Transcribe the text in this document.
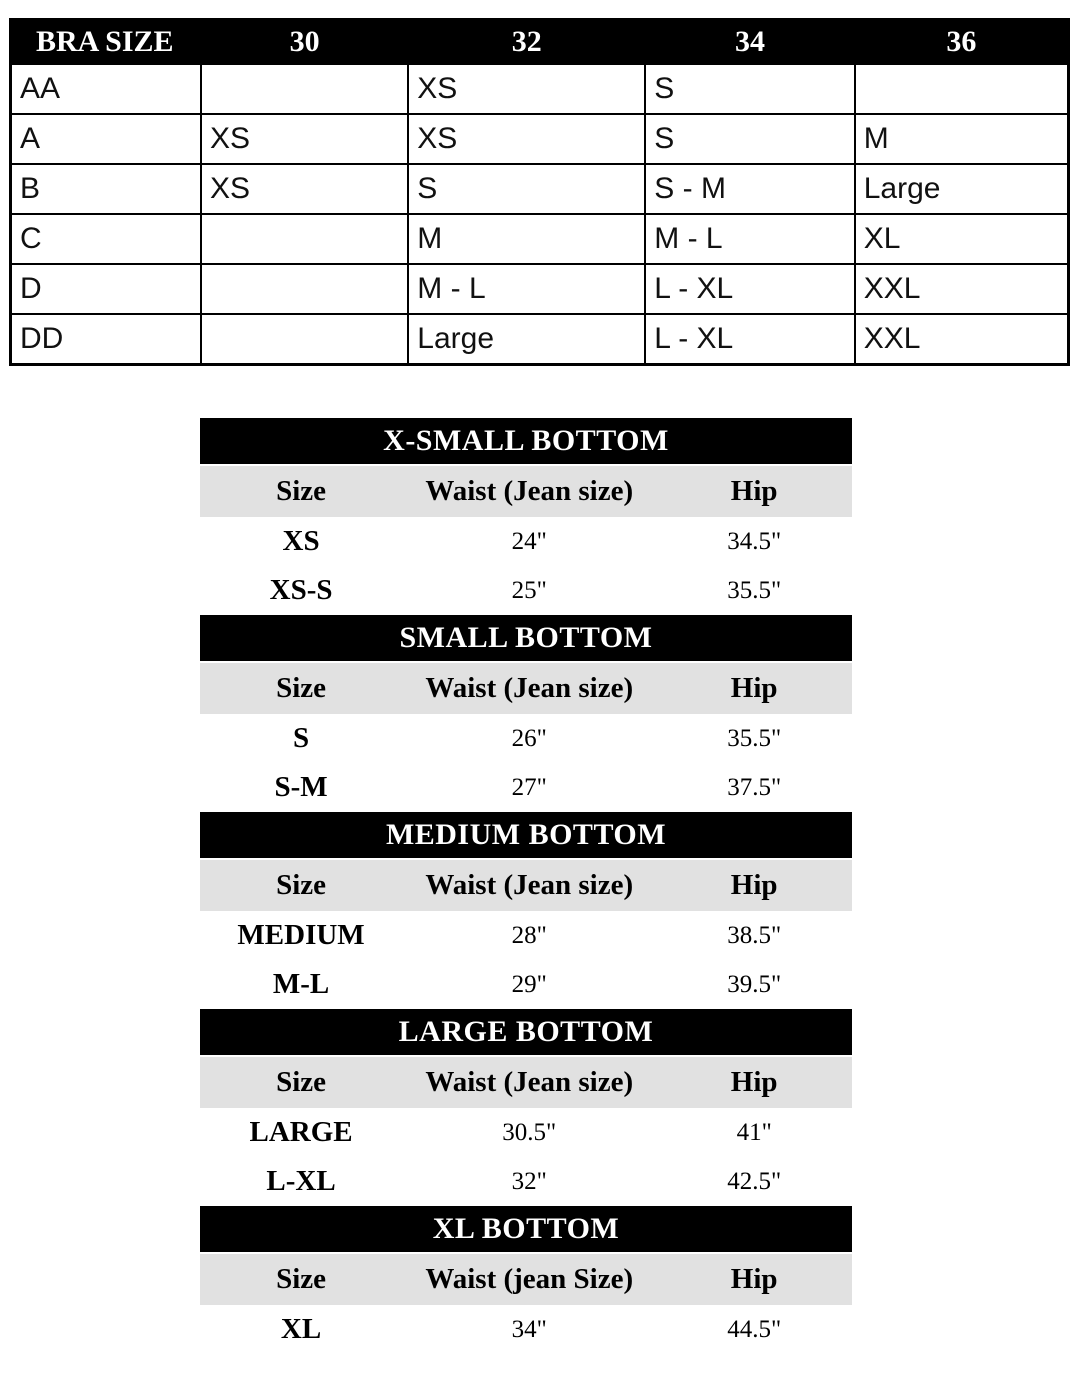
BRA SIZE	30	32	34	36
AA		XS	S	
A	XS	XS	S	M
B	XS	S	S - M	Large
C		M	M - L	XL
D		M - L	L - XL	XXL
DD		Large	L - XL	XXL
X-SMALL BOTTOM
Size	Waist (Jean size)	Hip
XS	24"	34.5"
XS-S	25"	35.5"
SMALL BOTTOM
Size	Waist (Jean size)	Hip
S	26"	35.5"
S-M	27"	37.5"
MEDIUM BOTTOM
Size	Waist (Jean size)	Hip
MEDIUM	28"	38.5"
M-L	29"	39.5"
LARGE BOTTOM
Size	Waist (Jean size)	Hip
LARGE	30.5"	41"
L-XL	32"	42.5"
XL BOTTOM
Size	Waist (jean Size)	Hip
XL	34"	44.5"
